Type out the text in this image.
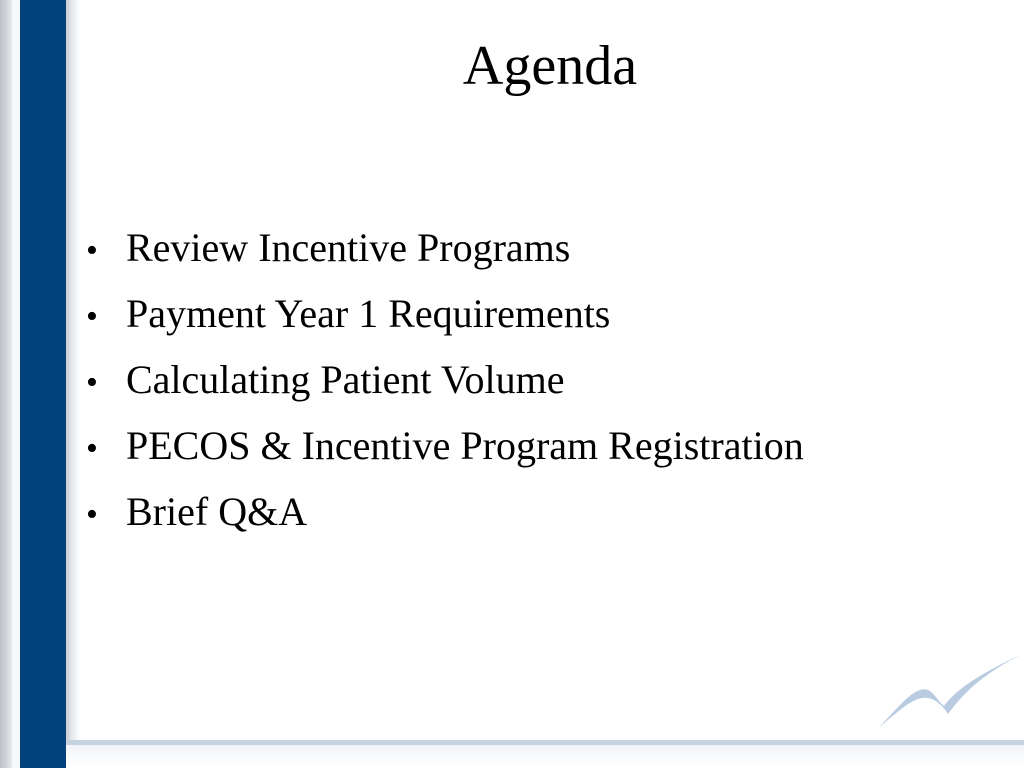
Agenda
• Review Incentive Programs
• Payment Year 1 Requirements
• Calculating Patient Volume
• PECOS & Incentive Program Registration
• Brief Q&A
